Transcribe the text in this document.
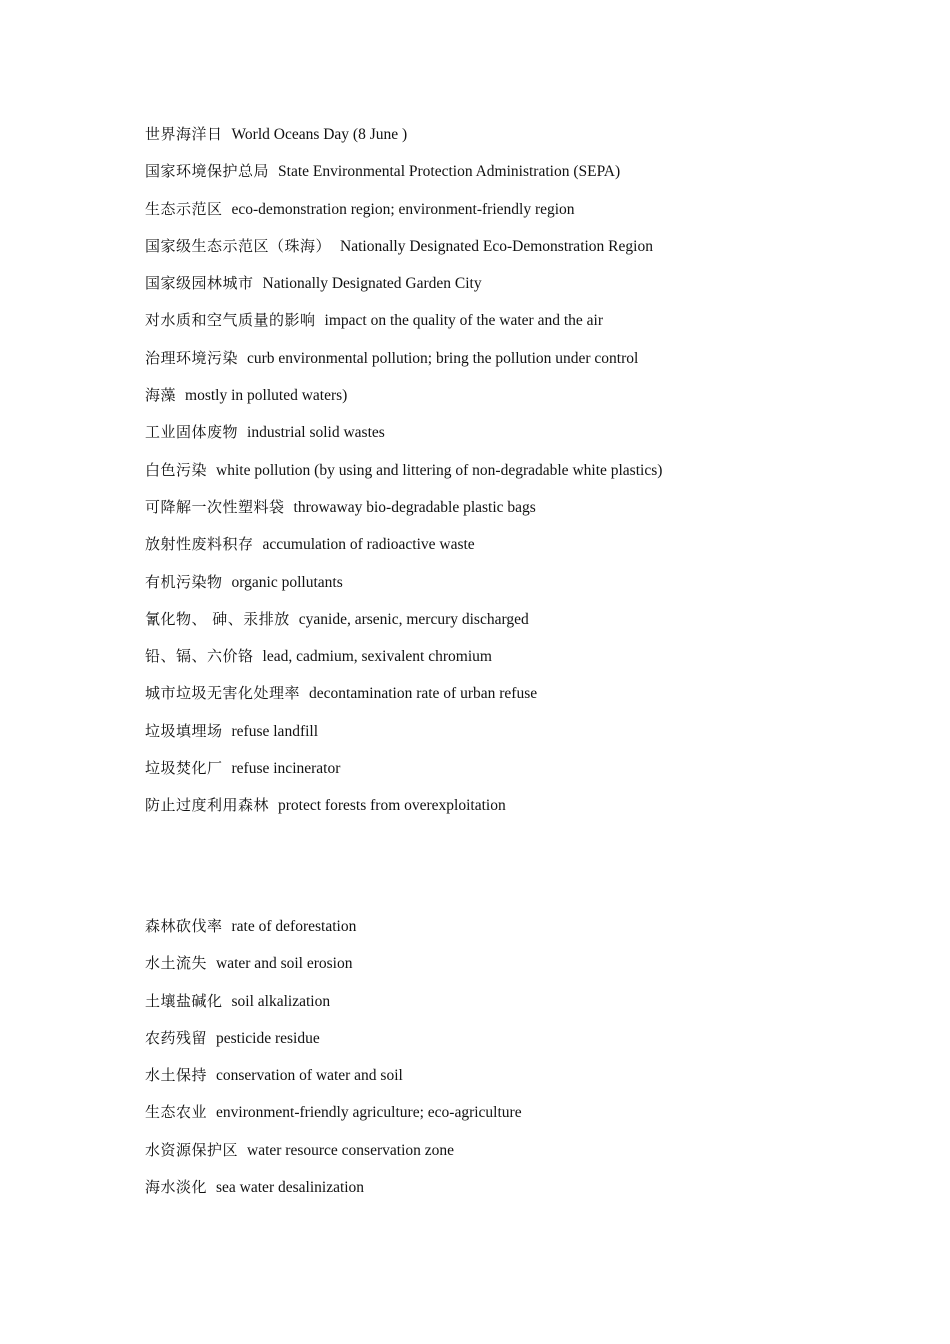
世界海洋日 World Oceans Day (8 June )
国家环境保护总局 State Environmental Protection Administration (SEPA)
生态示范区 eco-demonstration region; environment-friendly region
国家级生态示范区（珠海） Nationally Designated Eco-Demonstration Region
国家级园林城市 Nationally Designated Garden City
对水质和空气质量的影响 impact on the quality of the water and the air
治理环境污染 curb environmental pollution; bring the pollution under control
海藻 mostly in polluted waters)
工业固体废物 industrial solid wastes
白色污染 white pollution (by using and littering of non-degradable white plastics)
可降解一次性塑料袋 throwaway bio-degradable plastic bags
放射性废料积存 accumulation of radioactive waste
有机污染物 organic pollutants
氰化物、 砷、汞排放 cyanide, arsenic, mercury discharged
铅、镉、六价铬 lead, cadmium, sexivalent chromium
城市垃圾无害化处理率 decontamination rate of urban refuse
垃圾填埋场 refuse landfill
垃圾焚化厂 refuse incinerator
防止过度利用森林 protect forests from overexploitation
森林砍伐率 rate of deforestation
水土流失 water and soil erosion
土壤盐碱化 soil alkalization
农药残留 pesticide residue
水土保持 conservation of water and soil
生态农业 environment-friendly agriculture; eco-agriculture
水资源保护区 water resource conservation zone
海水淡化 sea water desalinization
